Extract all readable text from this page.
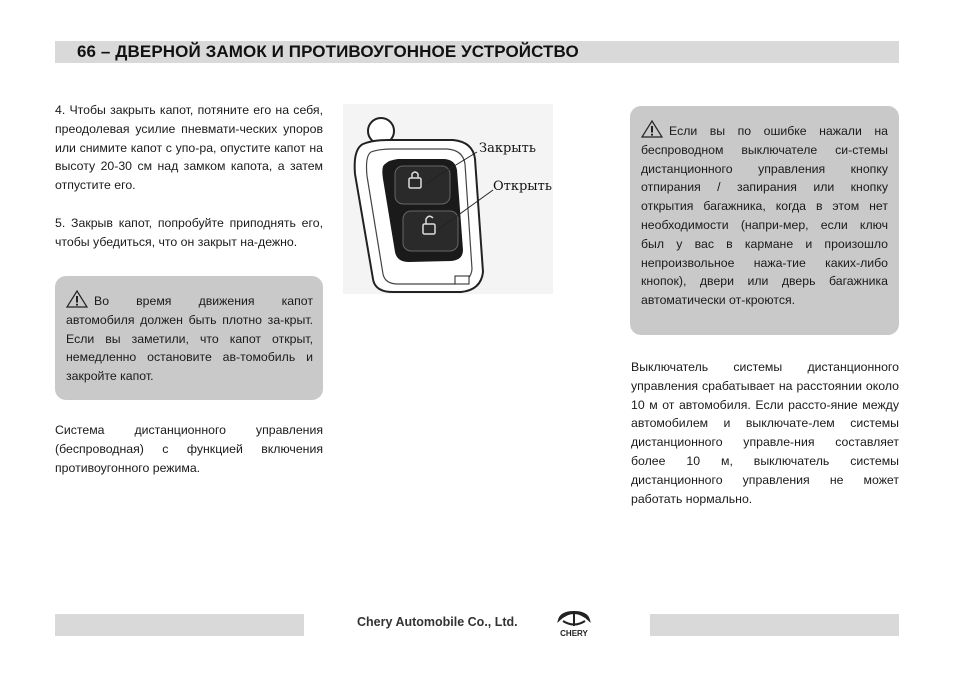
66 – ДВЕРНОЙ ЗАМОК И ПРОТИВОУГОННОЕ УСТРОЙСТВО
4. Чтобы закрыть капот, потяните его на себя, преодолевая усилие пневмати-ческих упоров или снимите капот с упо-ра, опустите капот на высоту 20-30 см над замком капота, а затем отпустите его.
5. Закрыв капот, попробуйте приподнять его, чтобы убедиться, что он закрыт на-дежно.
Во время движения капот автомобиля должен быть плотно за-крыт. Если вы заметили, что капот открыт, немедленно остановите ав-томобиль и закройте капот.
Система дистанционного управления (беспроводная) с функцией включения противоугонного режима.
Закрыть
Открыть
Если вы по ошибке нажали на беспроводном выключателе си-стемы дистанционного управления кнопку отпирания / запирания или кнопку открытия багажника, когда в этом нет необходимости (напри-мер, если ключ был у вас в кармане и произошло непроизвольное нажа-тие каких-либо кнопок), двери или дверь багажника автоматически от-кроются.
Выключатель системы дистанционного управления срабатывает на расстоянии около 10 м от автомобиля. Если рассто-яние между автомобилем и выключате-лем системы дистанционного управле-ния составляет более 10 м, выключатель системы дистанционного управления не может работать нормально.
Chery Automobile Co., Ltd.
CHERY
